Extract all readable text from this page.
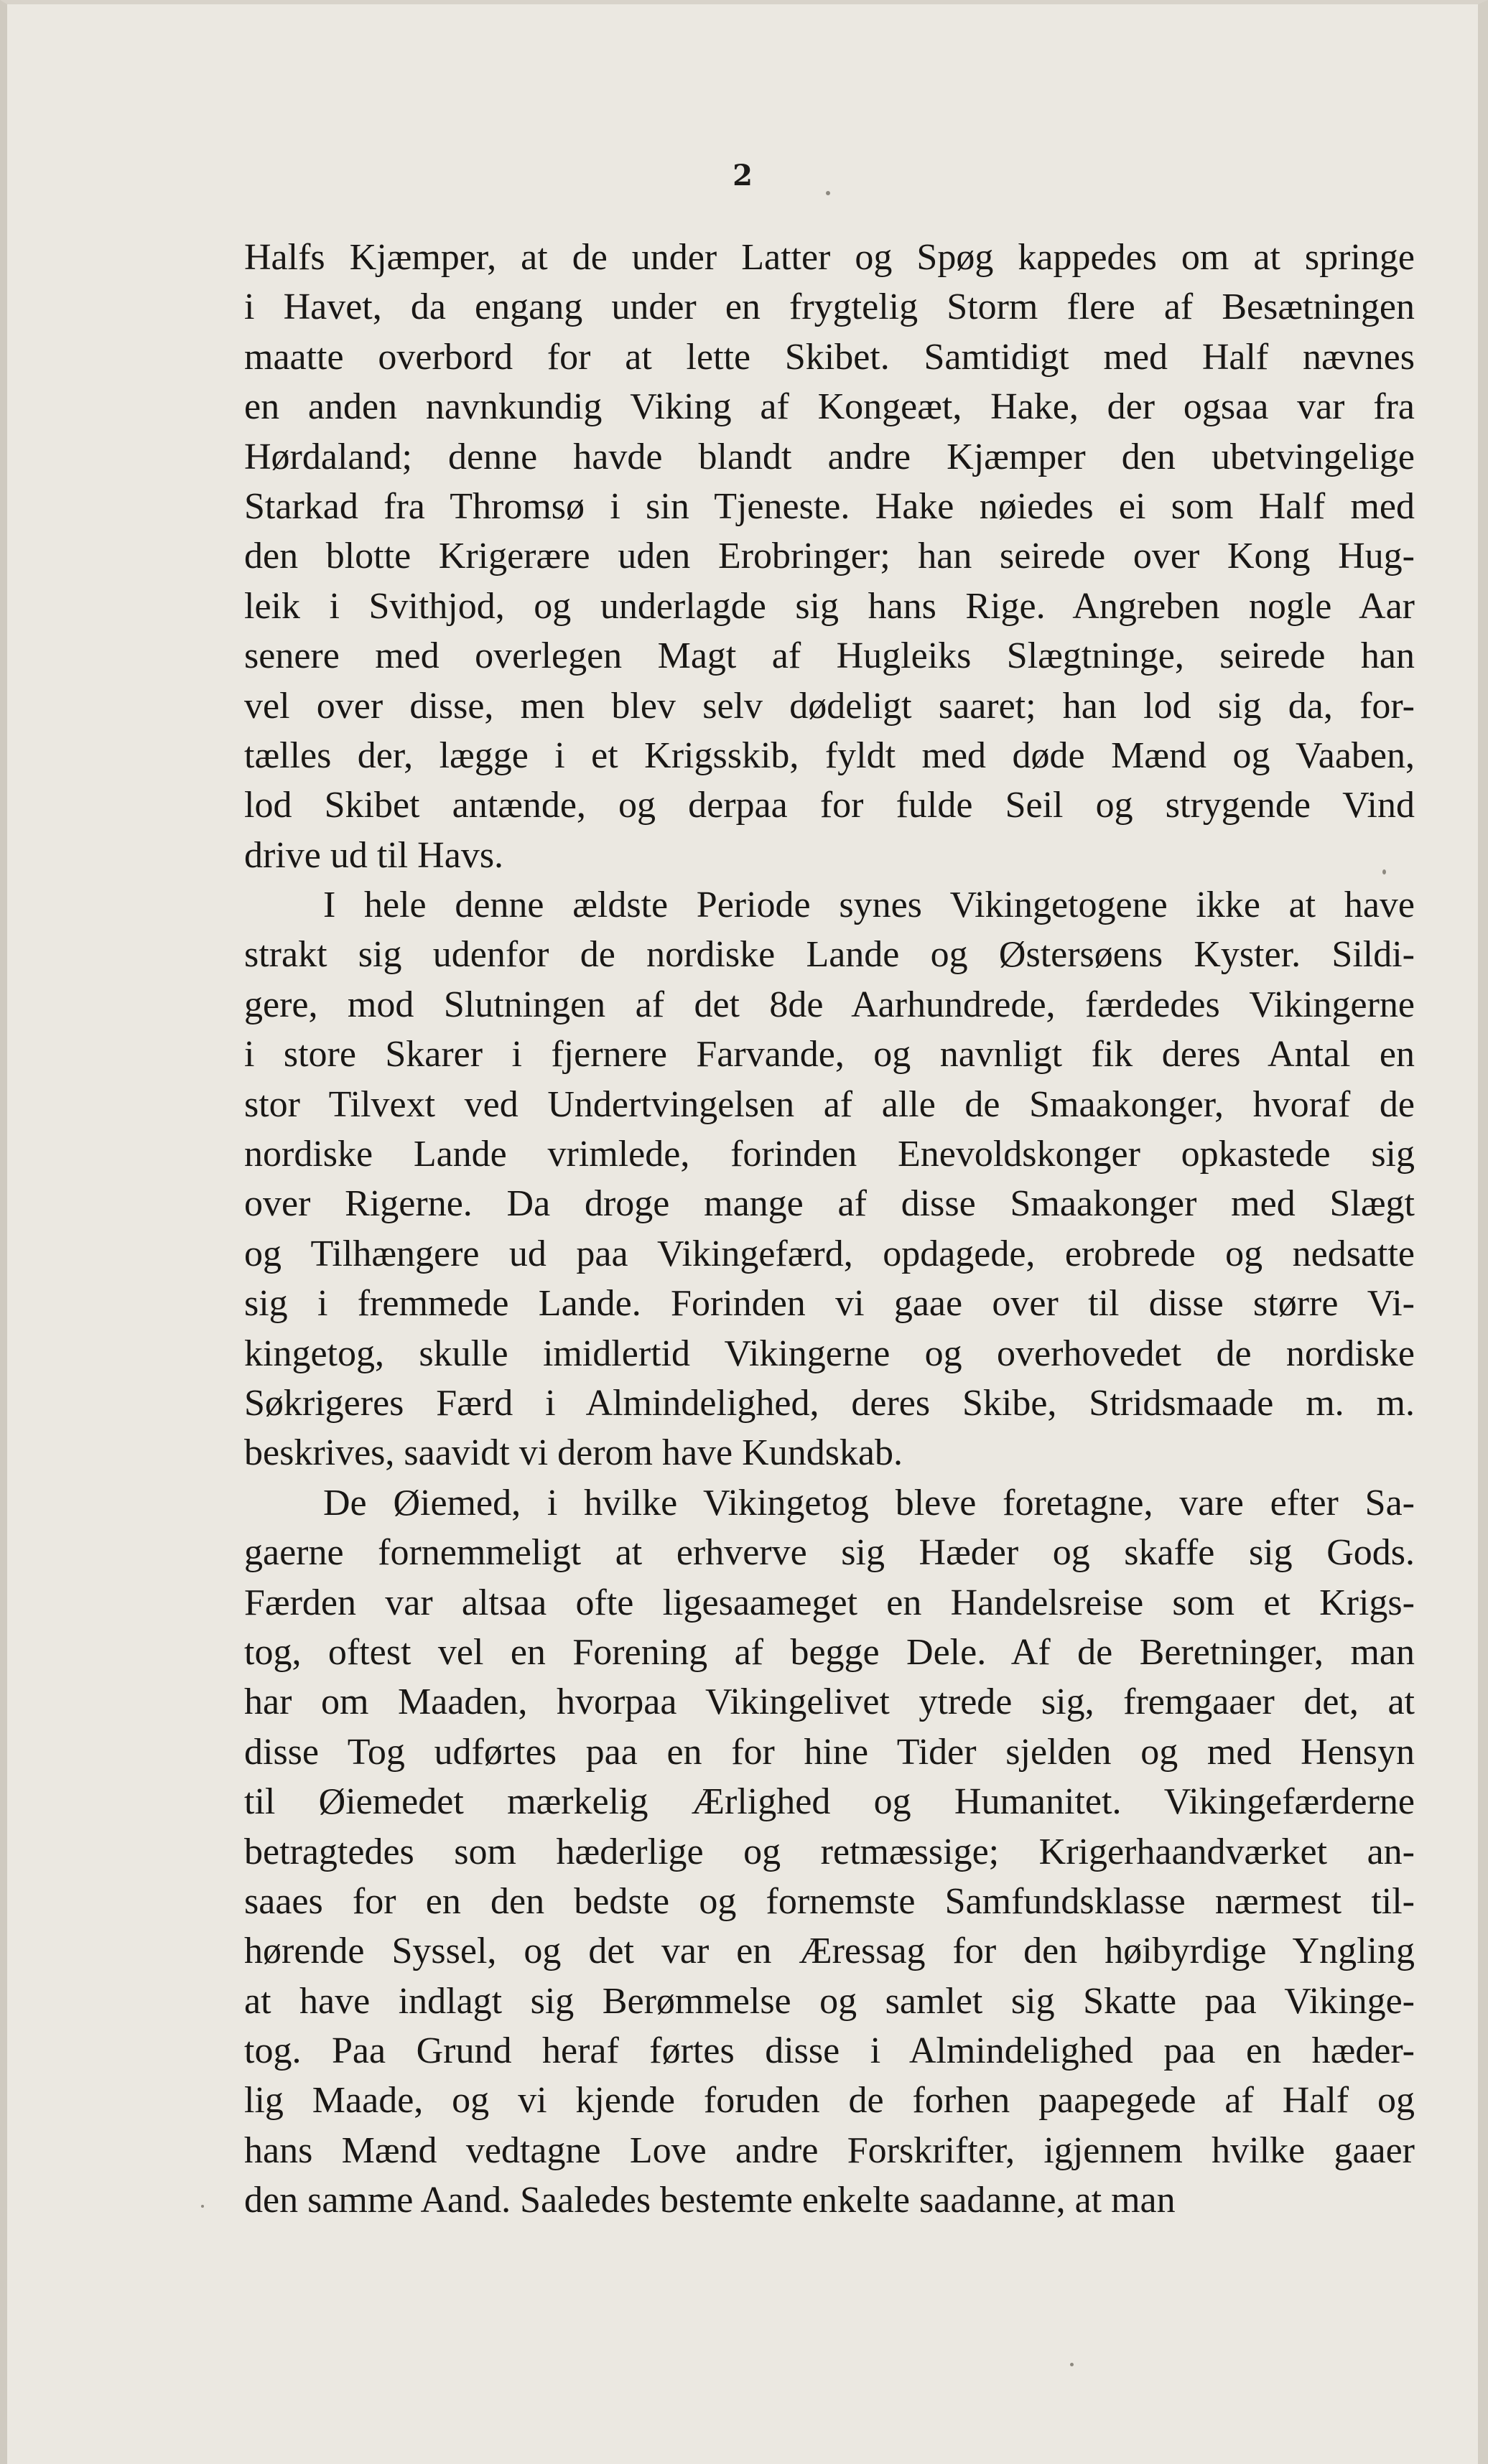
2
Halfs Kjæmper, at de under Latter og Spøg kappedes om at springe
i Havet, da engang under en frygtelig Storm flere af Besætningen
maatte overbord for at lette Skibet. Samtidigt med Half nævnes
en anden navnkundig Viking af Kongeæt, Hake, der ogsaa var fra
Hørdaland; denne havde blandt andre Kjæmper den ubetvingelige
Starkad fra Thromsø i sin Tjeneste. Hake nøiedes ei som Half med
den blotte Krigerære uden Erobringer; han seirede over Kong Hug-
leik i Svithjod, og underlagde sig hans Rige. Angreben nogle Aar
senere med overlegen Magt af Hugleiks Slægtninge, seirede han
vel over disse, men blev selv dødeligt saaret; han lod sig da, for-
tælles der, lægge i et Krigsskib, fyldt med døde Mænd og Vaaben,
lod Skibet antænde, og derpaa for fulde Seil og strygende Vind
drive ud til Havs.
I hele denne ældste Periode synes Vikingetogene ikke at have
strakt sig udenfor de nordiske Lande og Østersøens Kyster. Sildi-
gere, mod Slutningen af det 8de Aarhundrede, færdedes Vikingerne
i store Skarer i fjernere Farvande, og navnligt fik deres Antal en
stor Tilvext ved Undertvingelsen af alle de Smaakonger, hvoraf de
nordiske Lande vrimlede, forinden Enevoldskonger opkastede sig
over Rigerne. Da droge mange af disse Smaakonger med Slægt
og Tilhængere ud paa Vikingefærd, opdagede, erobrede og nedsatte
sig i fremmede Lande. Forinden vi gaae over til disse større Vi-
kingetog, skulle imidlertid Vikingerne og overhovedet de nordiske
Søkrigeres Færd i Almindelighed, deres Skibe, Stridsmaade m. m.
beskrives, saavidt vi derom have Kundskab.
De Øiemed, i hvilke Vikingetog bleve foretagne, vare efter Sa-
gaerne fornemmeligt at erhverve sig Hæder og skaffe sig Gods.
Færden var altsaa ofte ligesaameget en Handelsreise som et Krigs-
tog, oftest vel en Forening af begge Dele. Af de Beretninger, man
har om Maaden, hvorpaa Vikingelivet ytrede sig, fremgaaer det, at
disse Tog udførtes paa en for hine Tider sjelden og med Hensyn
til Øiemedet mærkelig Ærlighed og Humanitet. Vikingefærderne
betragtedes som hæderlige og retmæssige; Krigerhaandværket an-
saaes for en den bedste og fornemste Samfundsklasse nærmest til-
hørende Syssel, og det var en Æressag for den høibyrdige Yngling
at have indlagt sig Berømmelse og samlet sig Skatte paa Vikinge-
tog. Paa Grund heraf førtes disse i Almindelighed paa en hæder-
lig Maade, og vi kjende foruden de forhen paapegede af Half og
hans Mænd vedtagne Love andre Forskrifter, igjennem hvilke gaaer
den samme Aand. Saaledes bestemte enkelte saadanne, at man
